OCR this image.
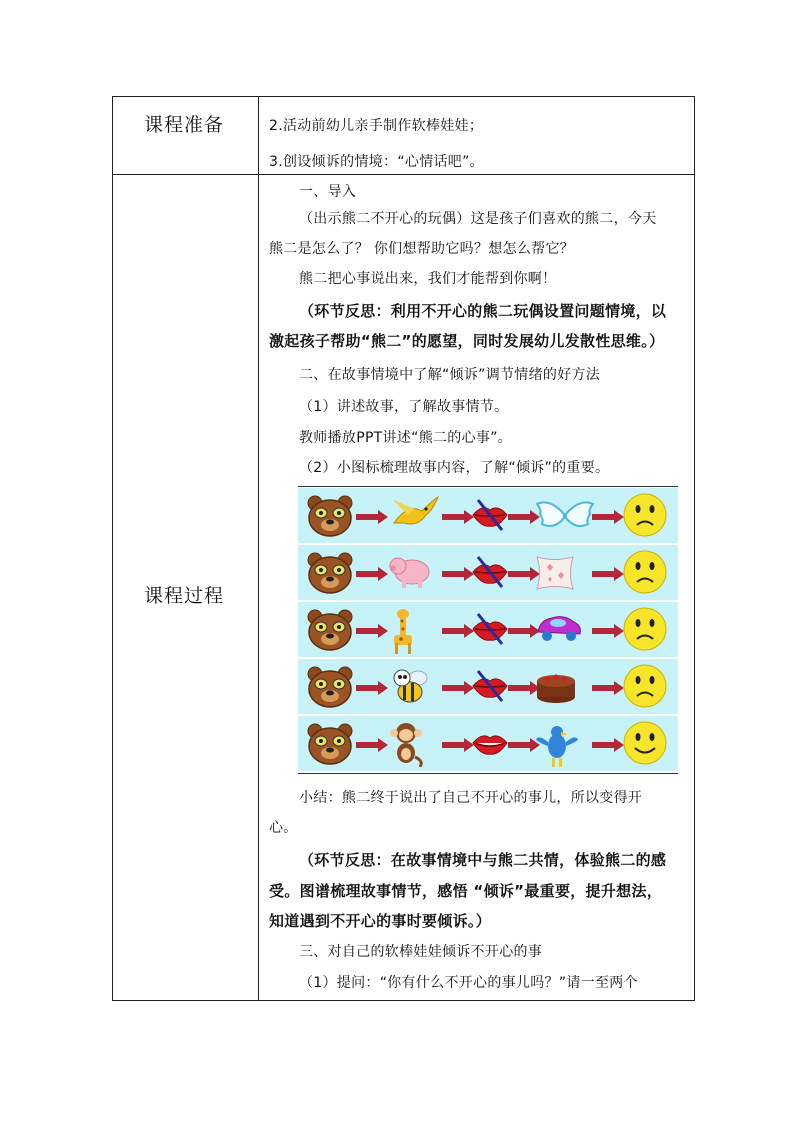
课程准备	2.活动前幼儿亲手制作软棒娃娃；
3.创设倾诉的情境：“心情话吧”。
课程过程
一、导入
（出示熊二不开心的玩偶）这是孩子们喜欢的熊二，今天
熊二是怎么了？ 你们想帮助它吗？想怎么帮它？
熊二把心事说出来，我们才能帮到你啊！
（环节反思：利用不开心的熊二玩偶设置问题情境，以
激起孩子帮助“熊二”的愿望，同时发展幼儿发散性思维。）
二、在故事情境中了解“倾诉”调节情绪的好方法
（1）讲述故事，了解故事情节。
教师播放PPT讲述“熊二的心事”。
（2）小图标梳理故事内容，了解“倾诉”的重要。
小结：熊二终于说出了自己不开心的事儿，所以变得开
心。
（环节反思：在故事情境中与熊二共情，体验熊二的感
受。图谱梳理故事情节，感悟 “倾诉”最重要，提升想法，
知道遇到不开心的事时要倾诉。）
三、对自己的软棒娃娃倾诉不开心的事
（1）提问：“你有什么不开心的事儿吗？”请一至两个
